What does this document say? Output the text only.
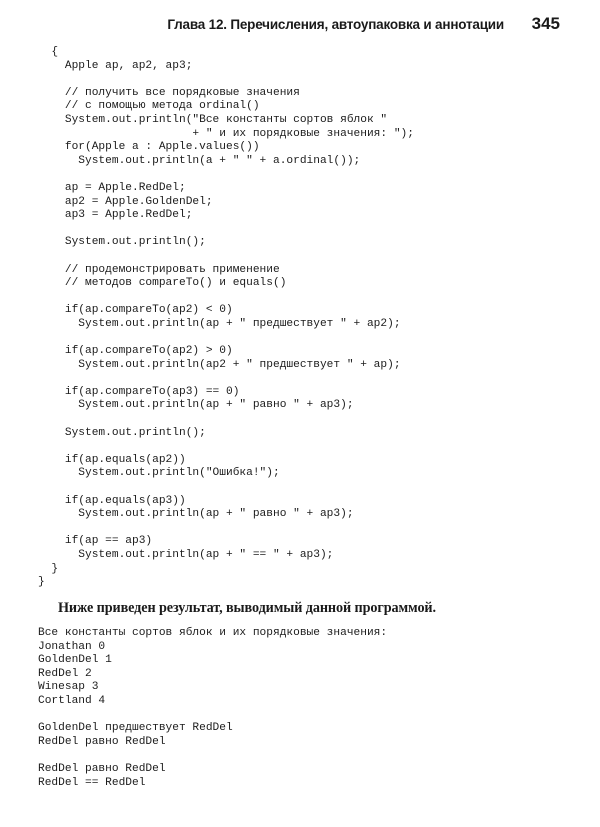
Глава 12. Перечисления, автоупаковка и аннотации 345
{
Apple ap, ap2, ap3;
// получить все порядковые значения
// с помощью метода ordinal()
System.out.println("Все константы сортов яблок "
+ " и их порядковые значения: ");
for(Apple a : Apple.values())
System.out.println(a + " " + a.ordinal());
ap = Apple.RedDel;
ap2 = Apple.GoldenDel;
ap3 = Apple.RedDel;
System.out.println();
// продемонстрировать применение
// методов compareTo() и equals()
if(ap.compareTo(ap2) < 0)
System.out.println(ap + " предшествует " + ap2);
if(ap.compareTo(ap2) > 0)
System.out.println(ap2 + " предшествует " + ap);
if(ap.compareTo(ap3) == 0)
System.out.println(ap + " равно " + ap3);
System.out.println();
if(ap.equals(ap2))
System.out.println("Ошибка!");
if(ap.equals(ap3))
System.out.println(ap + " равно " + ap3);
if(ap == ap3)
System.out.println(ap + " == " + ap3);
}
}
Ниже приведен результат, выводимый данной программой.
Все константы сортов яблок и их порядковые значения:
Jonathan 0
GoldenDel 1
RedDel 2
Winesap 3
Cortland 4
GoldenDel предшествует RedDel
RedDel равно RedDel
RedDel равно RedDel
RedDel == RedDel
